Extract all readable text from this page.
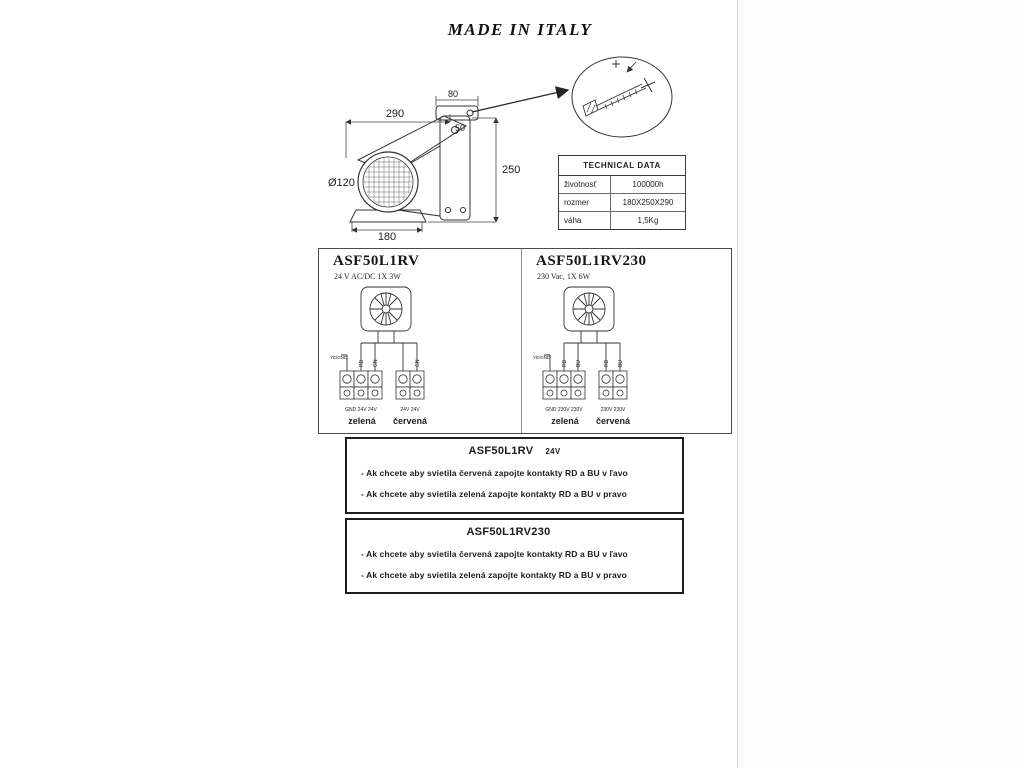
MADE IN ITALY
290
80
50
250
Ø120
180
TECHNICAL DATA
životnosť	100000h
rozmer	180X250X290
váha	1,5Kg
ASF50L1RV
24 V AC/DC 1X 3W
YE/GND
RD GN	GN
GND 24V 24V	24V 24V
zelená červená
ASF50L1RV230
230 Vac, 1X 6W
YE/GND
RD BU	RD BU
GND 230V 230V	230V 230V
zelená červená
ASF50L1RV 24V
- Ak chcete aby svietila červená zapojte kontakty RD a BU v ľavo
- Ak chcete aby svietila zelená zapojte kontakty RD a BU v pravo
ASF50L1RV230
- Ak chcete aby svietila červená zapojte kontakty RD a BU v ľavo
- Ak chcete aby svietila zelená zapojte kontakty RD a BU v pravo
